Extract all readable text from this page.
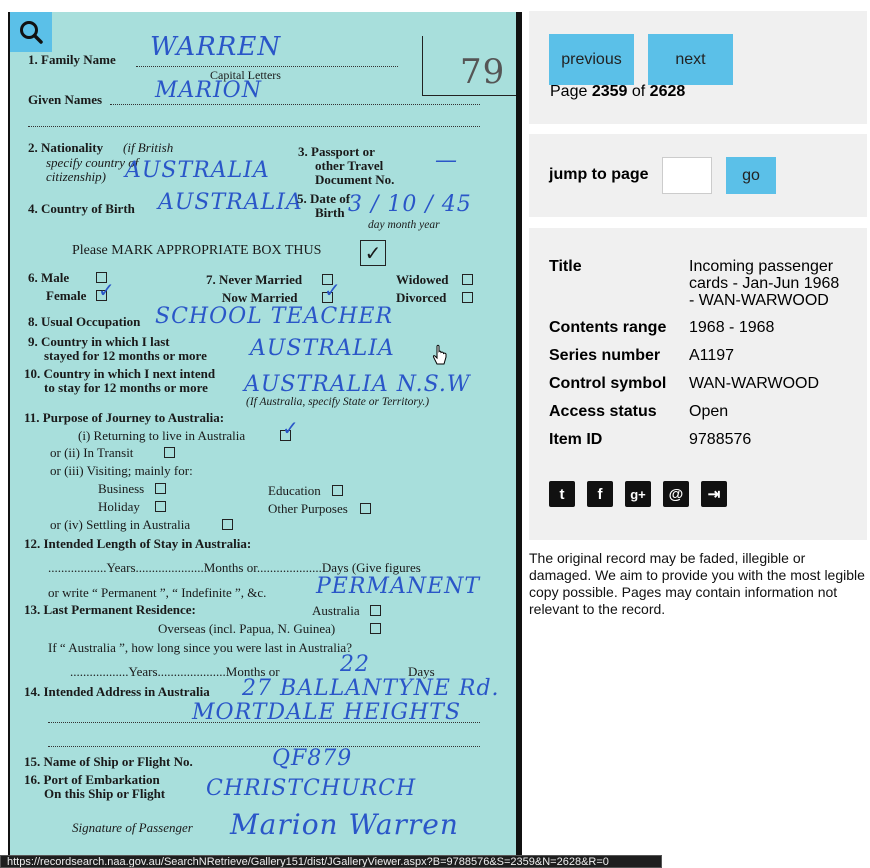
79
1. Family Name WARREN
Capital Letters
Given Names MARION
2. Nationality (if British
specify country of
citizenship) AUSTRALIA
3. Passport or
other Travel
Document No.
—
4. Country of Birth AUSTRALIA
5. Date of
Birth 3 / 10 / 45
day month year
Please MARK APPROPRIATE BOX THUS ✓
6. Male
Female ✓	7. Never Married
Now Married ✓	Widowed
Divorced
8. Usual Occupation SCHOOL TEACHER
9. Country in which I last
stayed for 12 months or more AUSTRALIA
10. Country in which I next intend
to stay for 12 months or more AUSTRALIA N.S.W
(If Australia, specify State or Territory.)
11. Purpose of Journey to Australia:
(i) Returning to live in Australia ✓
or (ii) In Transit
or (iii) Visiting; mainly for:
Business	Education
Holiday	Other Purposes
or (iv) Settling in Australia
12. Intended Length of Stay in Australia:
..................Years.....................Months or....................Days (Give figures
or write “ Permanent ”, “ Indefinite ”, &c. PERMANENT
13. Last Permanent Residence:	Australia
Overseas (incl. Papua, N. Guinea)
If “ Australia ”, how long since you were last in Australia?
..................Years.....................Months or	22	Days
14. Intended Address in Australia 27 BALLANTYNE Rd.
MORTDALE HEIGHTS
15. Name of Ship or Flight No.	QF879
16. Port of Embarkation
On this Ship or Flight CHRISTCHURCH
Signature of Passenger Marion Warren
previous	next
Page 2359 of 2628
jump to page	go
Title	Incoming passenger cards - Jan-Jun 1968 - WAN-WARWOOD
Contents range	1968 - 1968
Series number	A1197
Control symbol	WAN-WARWOOD
Access status	Open
Item ID	9788576
t	f	g+	@	⇥
The original record may be faded, illegible or damaged. We aim to provide you with the most legible copy possible. Pages may contain information not relevant to the record.
https://recordsearch.naa.gov.au/SearchNRetrieve/Gallery151/dist/JGalleryViewer.aspx?B=9788576&S=2359&N=2628&R=0
